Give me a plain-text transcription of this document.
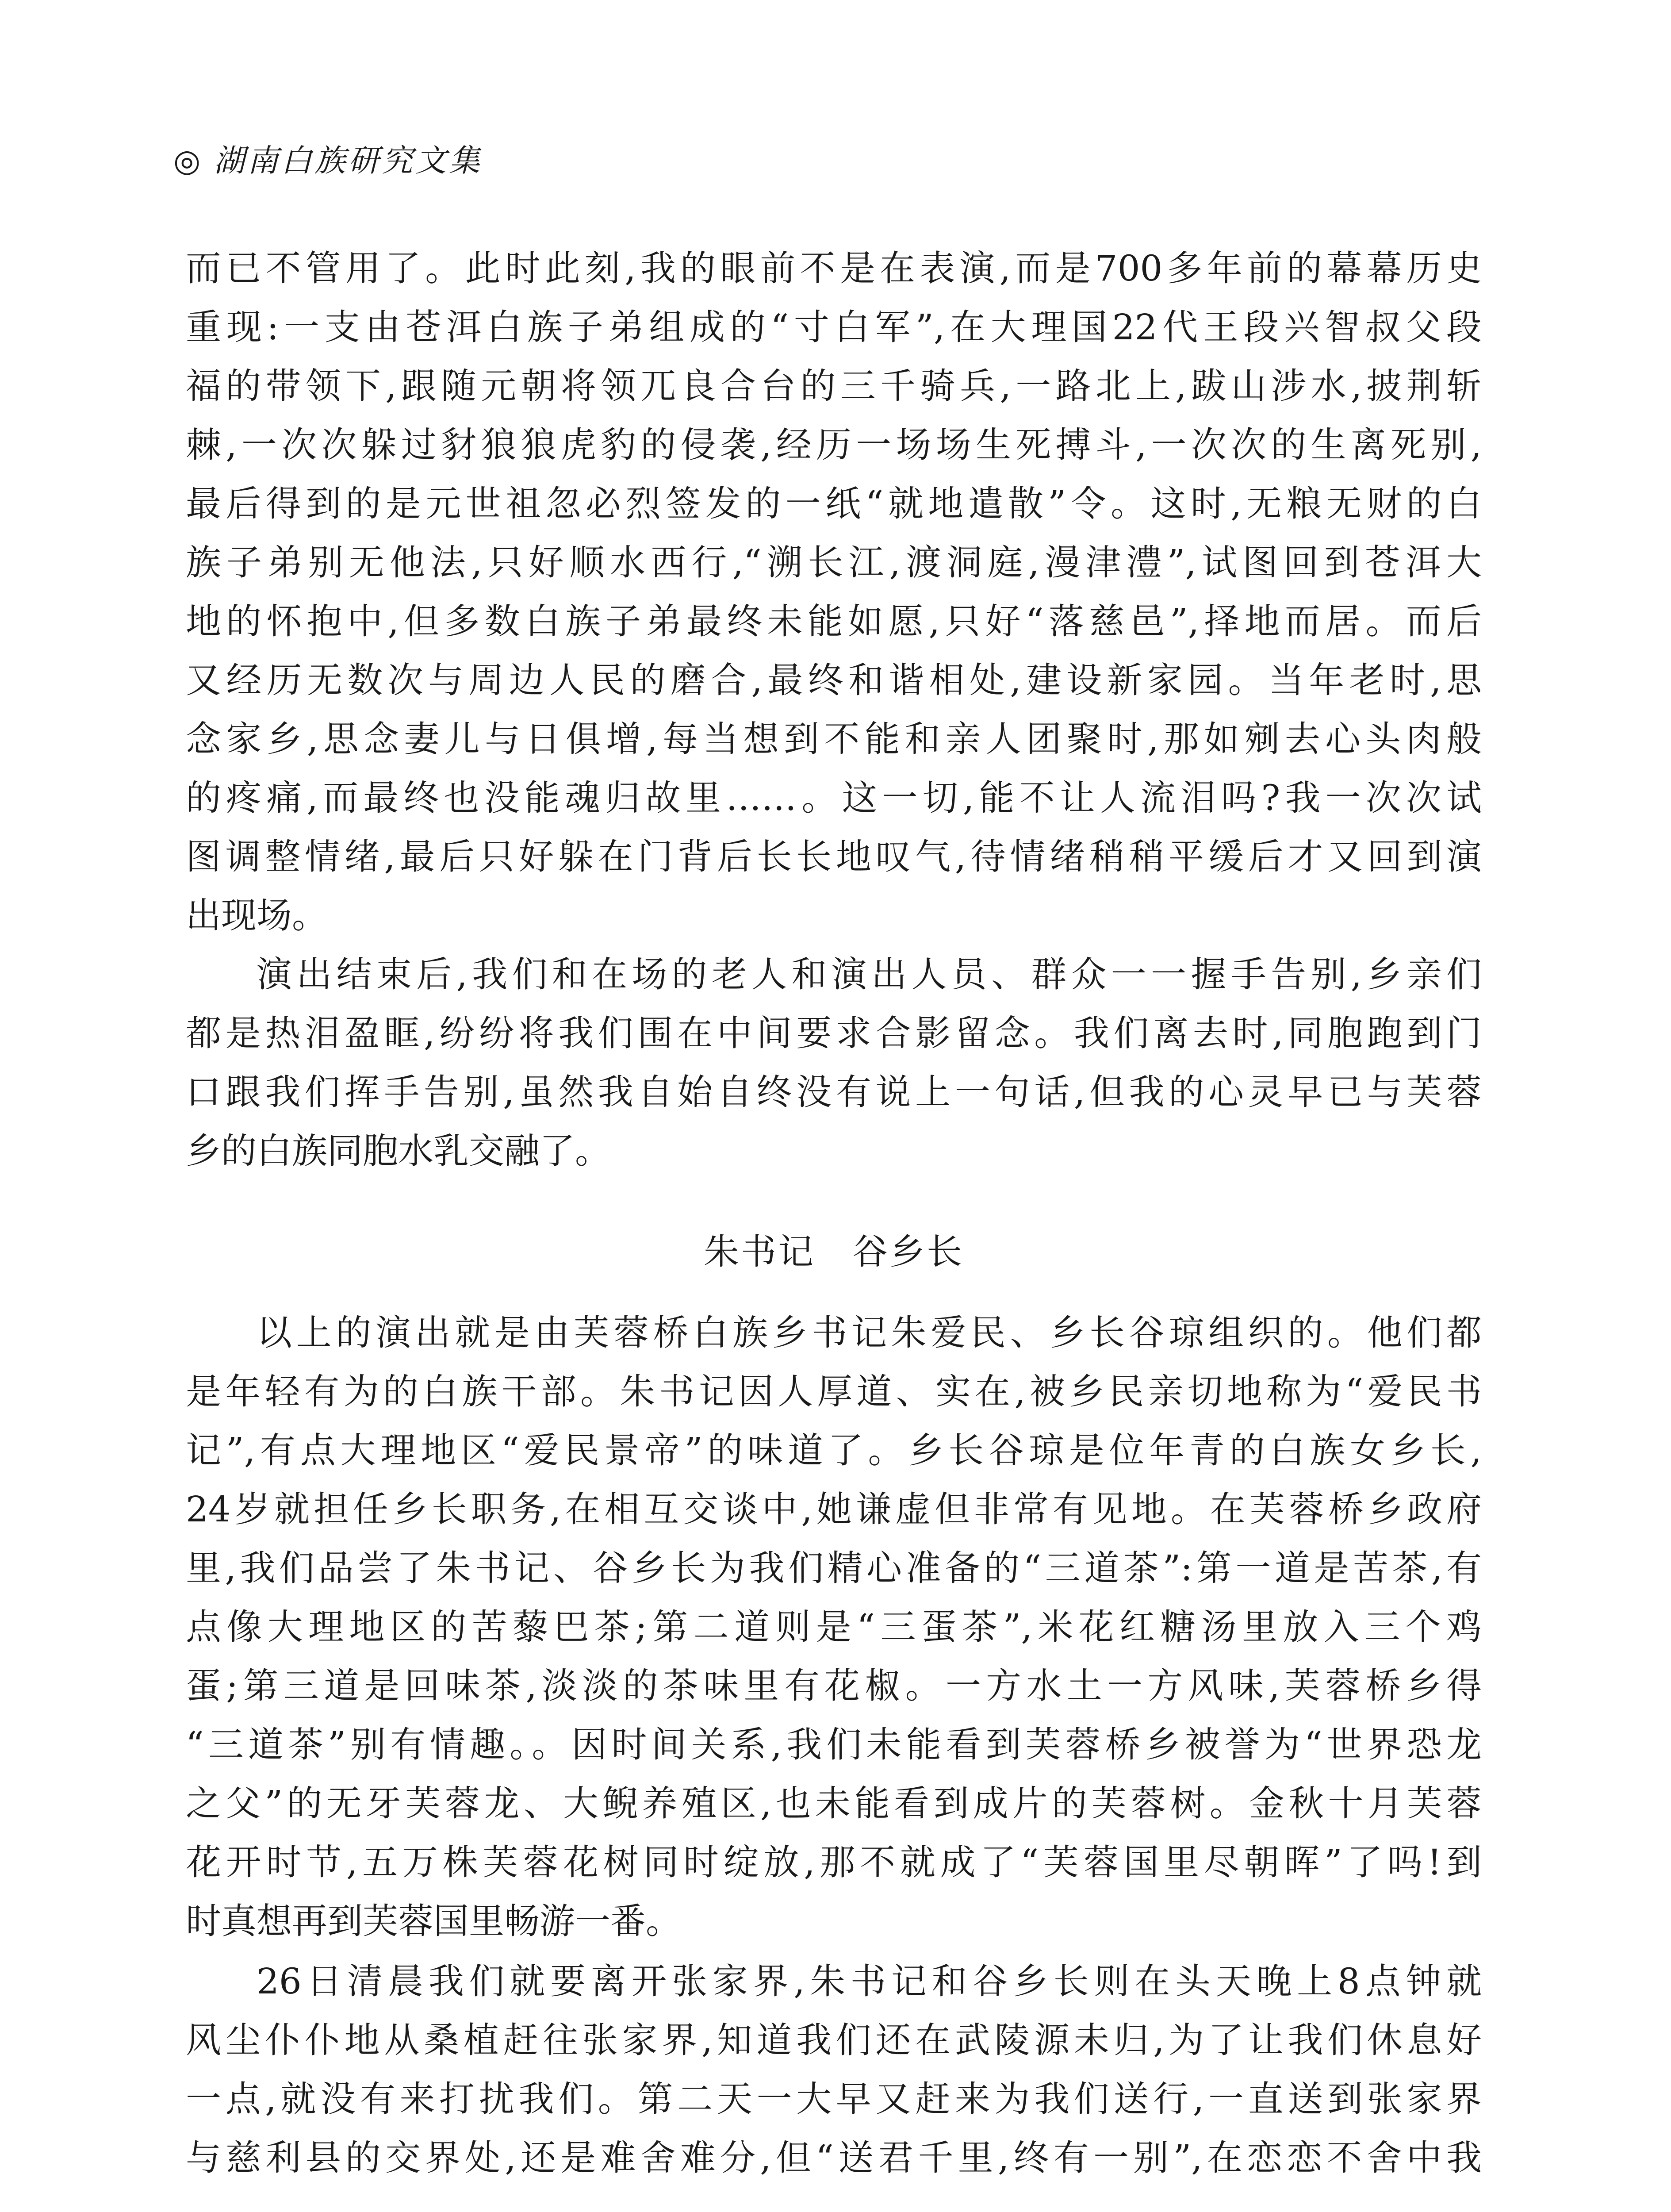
◎ 湖南白族研究文集
而已不管用了。此时此刻,我的眼前不是在表演,而是700多年前的幕幕历史
重现:一支由苍洱白族子弟组成的“寸白军”,在大理国22代王段兴智叔父段
福的带领下,跟随元朝将领兀良合台的三千骑兵,一路北上,跋山涉水,披荆斩
棘,一次次躲过豺狼狼虎豹的侵袭,经历一场场生死搏斗,一次次的生离死别,
最后得到的是元世祖忽必烈签发的一纸“就地遣散”令。这时,无粮无财的白
族子弟别无他法,只好顺水西行,“溯长江,渡洞庭,漫津澧”,试图回到苍洱大
地的怀抱中,但多数白族子弟最终未能如愿,只好“落慈邑”,择地而居。而后
又经历无数次与周边人民的磨合,最终和谐相处,建设新家园。当年老时,思
念家乡,思念妻儿与日俱增,每当想到不能和亲人团聚时,那如剜去心头肉般
的疼痛,而最终也没能魂归故里……。这一切,能不让人流泪吗?我一次次试
图调整情绪,最后只好躲在门背后长长地叹气,待情绪稍稍平缓后才又回到演
出现场。
演出结束后,我们和在场的老人和演出人员、群众一一握手告别,乡亲们
都是热泪盈眶,纷纷将我们围在中间要求合影留念。我们离去时,同胞跑到门
口跟我们挥手告别,虽然我自始自终没有说上一句话,但我的心灵早已与芙蓉
乡的白族同胞水乳交融了。
朱书记　谷乡长
以上的演出就是由芙蓉桥白族乡书记朱爱民、乡长谷琼组织的。他们都
是年轻有为的白族干部。朱书记因人厚道、实在,被乡民亲切地称为“爱民书
记”,有点大理地区“爱民景帝”的味道了。乡长谷琼是位年青的白族女乡长,
24岁就担任乡长职务,在相互交谈中,她谦虚但非常有见地。在芙蓉桥乡政府
里,我们品尝了朱书记、谷乡长为我们精心准备的“三道茶”:第一道是苦茶,有
点像大理地区的苦藜巴茶;第二道则是“三蛋茶”,米花红糖汤里放入三个鸡
蛋;第三道是回味茶,淡淡的茶味里有花椒。一方水土一方风味,芙蓉桥乡得
“三道茶”别有情趣。。因时间关系,我们未能看到芙蓉桥乡被誉为“世界恐龙
之父”的无牙芙蓉龙、大鲵养殖区,也未能看到成片的芙蓉树。金秋十月芙蓉
花开时节,五万株芙蓉花树同时绽放,那不就成了“芙蓉国里尽朝晖”了吗!到
时真想再到芙蓉国里畅游一番。
26日清晨我们就要离开张家界,朱书记和谷乡长则在头天晚上8点钟就
风尘仆仆地从桑植赶往张家界,知道我们还在武陵源未归,为了让我们休息好
一点,就没有来打扰我们。第二天一大早又赶来为我们送行,一直送到张家界
与慈利县的交界处,还是难舍难分,但“送君千里,终有一别”,在恋恋不舍中我
